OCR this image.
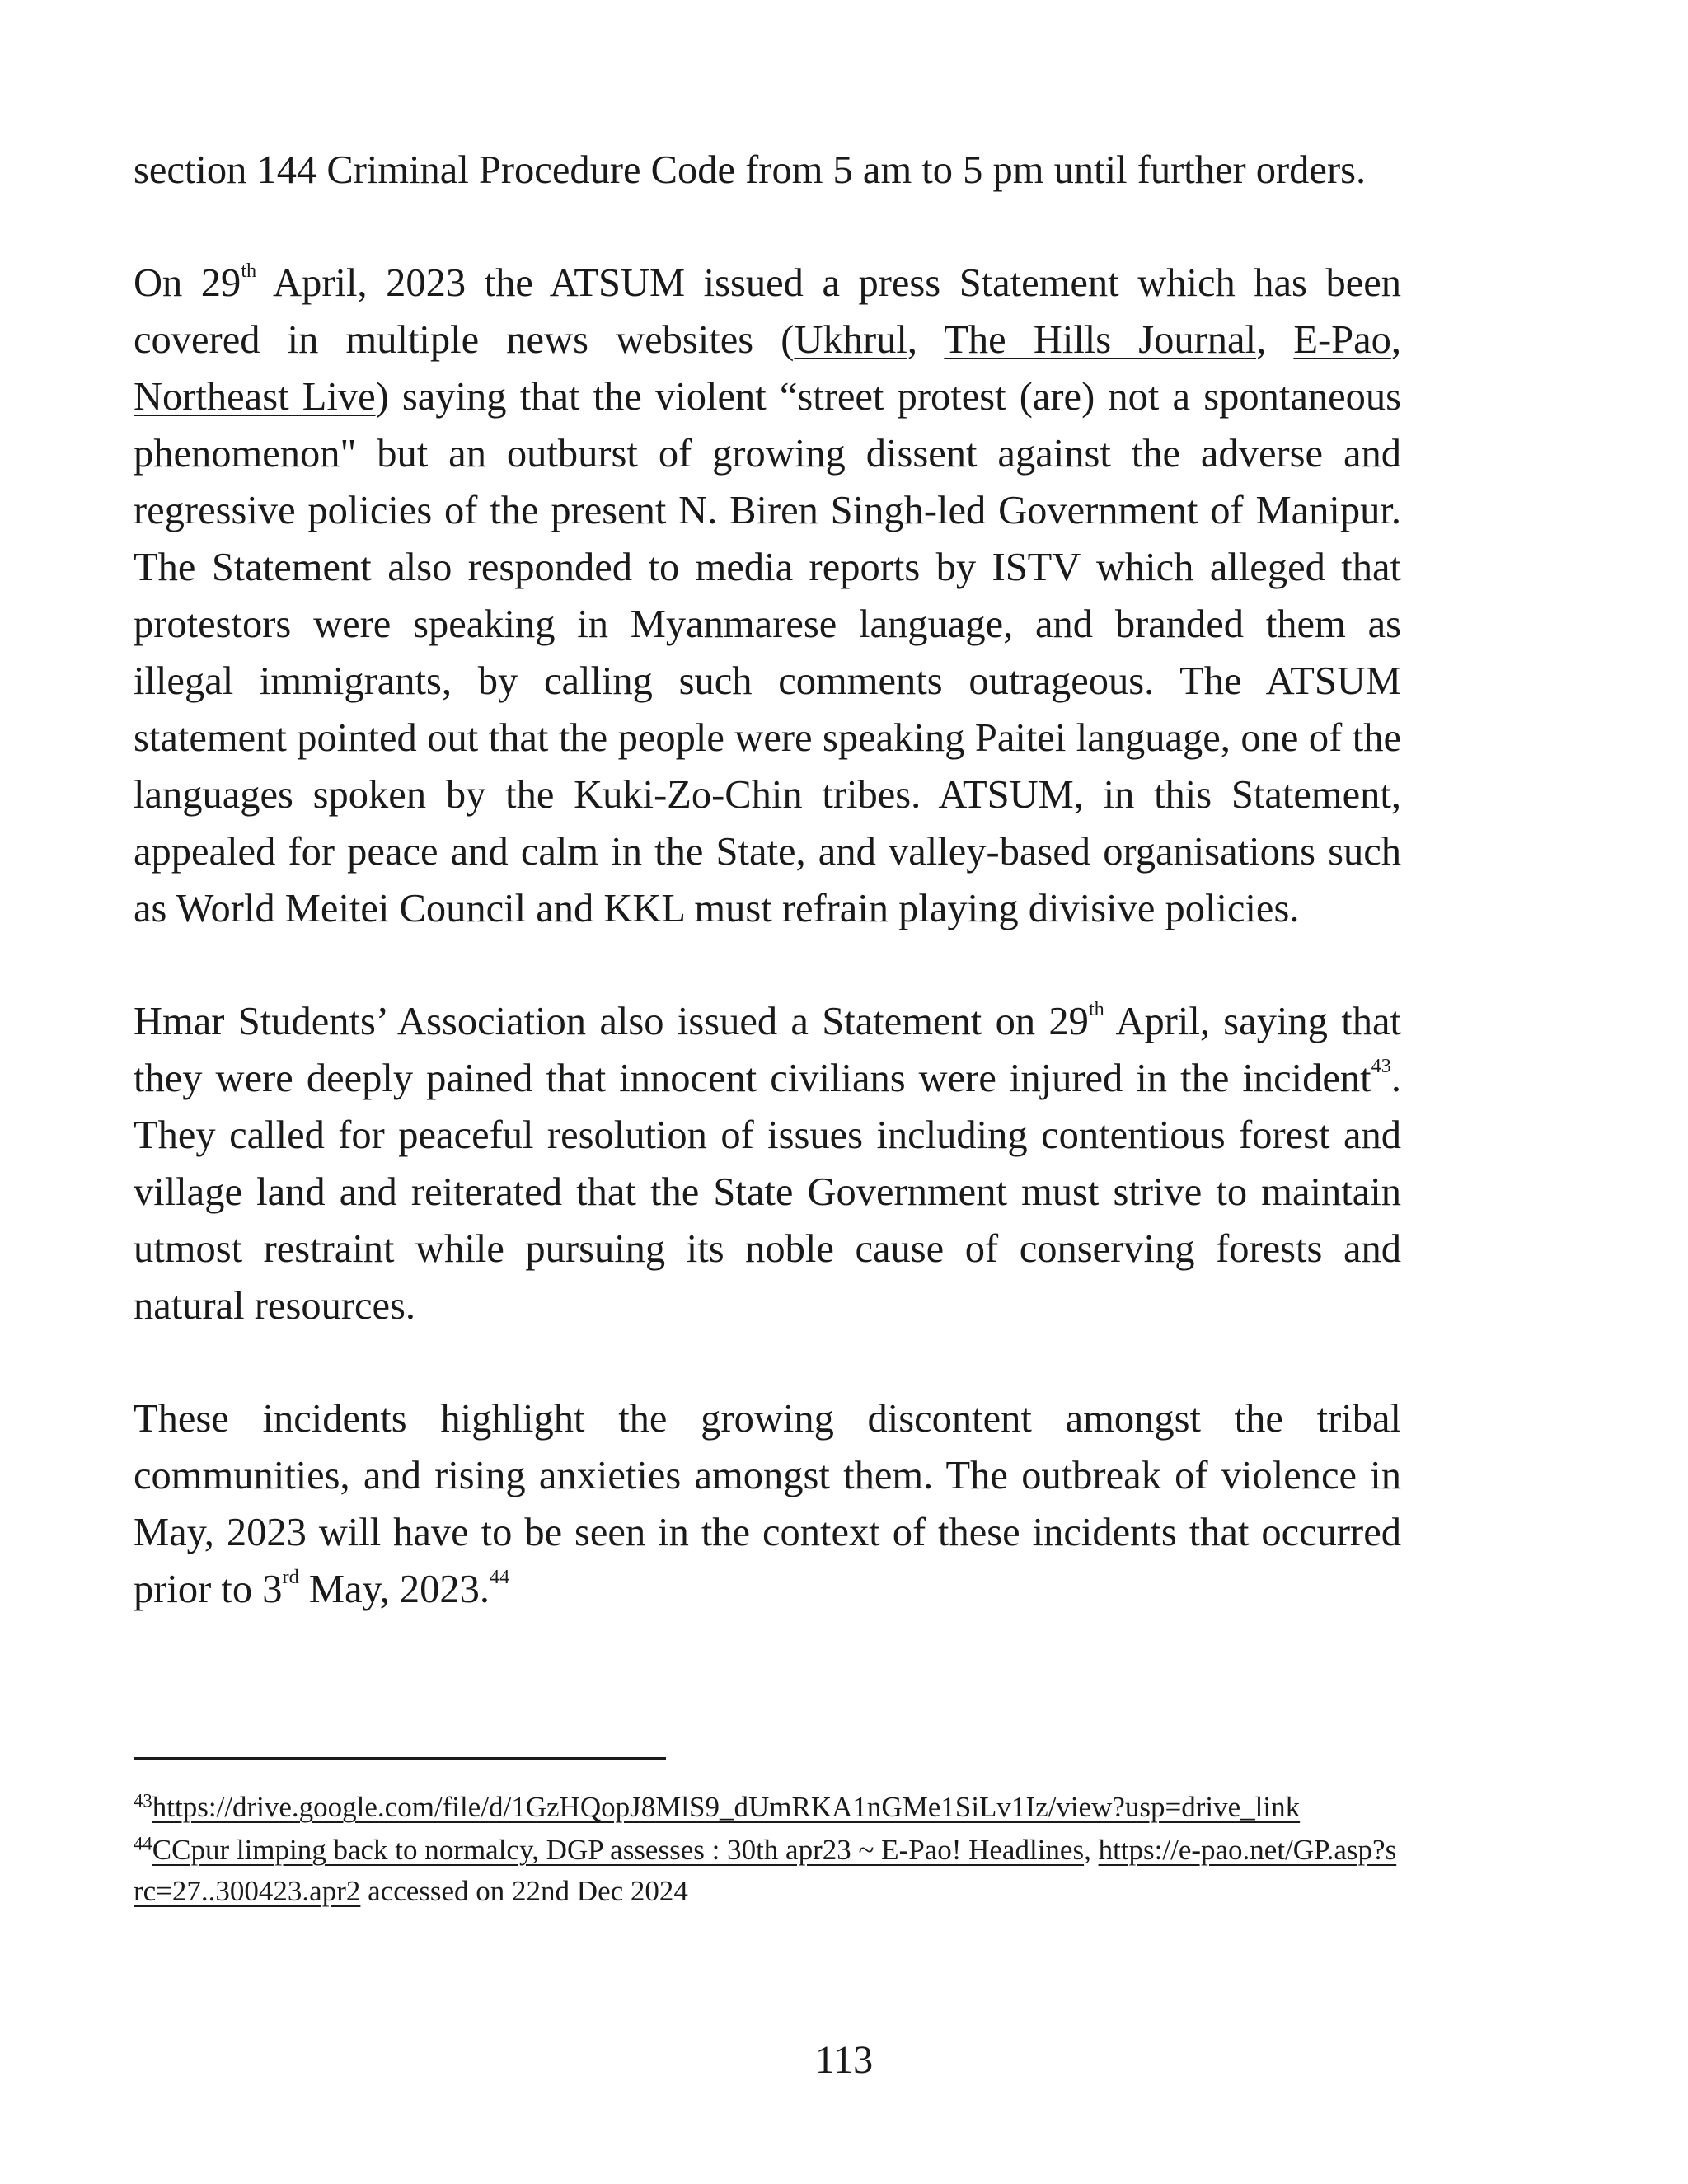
section 144 Criminal Procedure Code from 5 am to 5 pm until further orders.

On 29th April, 2023 the ATSUM issued a press Statement which has been covered in multiple news websites (Ukhrul, The Hills Journal, E-Pao, Northeast Live) saying that the violent “street protest (are) not a spontaneous phenomenon" but an outburst of growing dissent against the adverse and regressive policies of the present N. Biren Singh-led Government of Manipur. The Statement also responded to media reports by ISTV which alleged that protestors were speaking in Myanmarese language, and branded them as illegal immigrants, by calling such comments outrageous. The ATSUM statement pointed out that the people were speaking Paitei language, one of the languages spoken by the Kuki-Zo-Chin tribes. ATSUM, in this Statement, appealed for peace and calm in the State, and valley-based organisations such as World Meitei Council and KKL must refrain playing divisive policies.

Hmar Students’ Association also issued a Statement on 29th April, saying that they were deeply pained that innocent civilians were injured in the incident$^{43}$. They called for peaceful resolution of issues including contentious forest and village land and reiterated that the State Government must strive to maintain utmost restraint while pursuing its noble cause of conserving forests and natural resources.

These incidents highlight the growing discontent amongst the tribal communities, and rising anxieties amongst them. The outbreak of violence in May, 2023 will have to be seen in the context of these incidents that occurred prior to 3rd May, 2023.44

$^{43}$https://drive.google.com/file/d/1GzHQopJ8MlS9_dUmRKA1nGMe1SiLv1Iz/view?usp=drive_link
$^{44}$CCpur limping back to normalcy, DGP assesses : 30th apr23 ~ E-Pao! Headlines, https://e-pao.net/GP.asp?src=27..300423.apr2 accessed on 22nd Dec 2024
113
